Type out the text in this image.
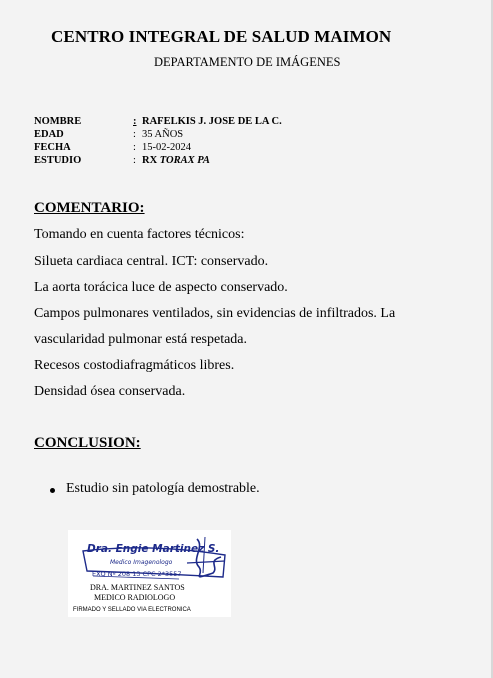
CENTRO INTEGRAL DE SALUD MAIMON
DEPARTAMENTO DE IMÁGENES
NOMBRE	: RAFELKIS J. JOSE DE LA C.
EDAD	: 35 AÑOS
FECHA	: 15-02-2024
ESTUDIO	: RX TORAX PA
COMENTARIO:
Tomando en cuenta factores técnicos:
Silueta cardiaca central. ICT: conservado.
La aorta torácica luce de aspecto conservado.
Campos pulmonares ventilados, sin evidencias de infiltrados. La
vascularidad pulmonar está respetada.
Recesos costodiafragmáticos libres.
Densidad ósea conservada.
CONCLUSION:
Estudio sin patología demostrable.
Dra. Engie Martinez S.
Medico Imagenologo
EXQ Nº 208 13 CPC 2*3557
DRA. MARTINEZ SANTOS
MEDICO RADIOLOGO
FIRMADO Y SELLADO VIA ELECTRONICA
